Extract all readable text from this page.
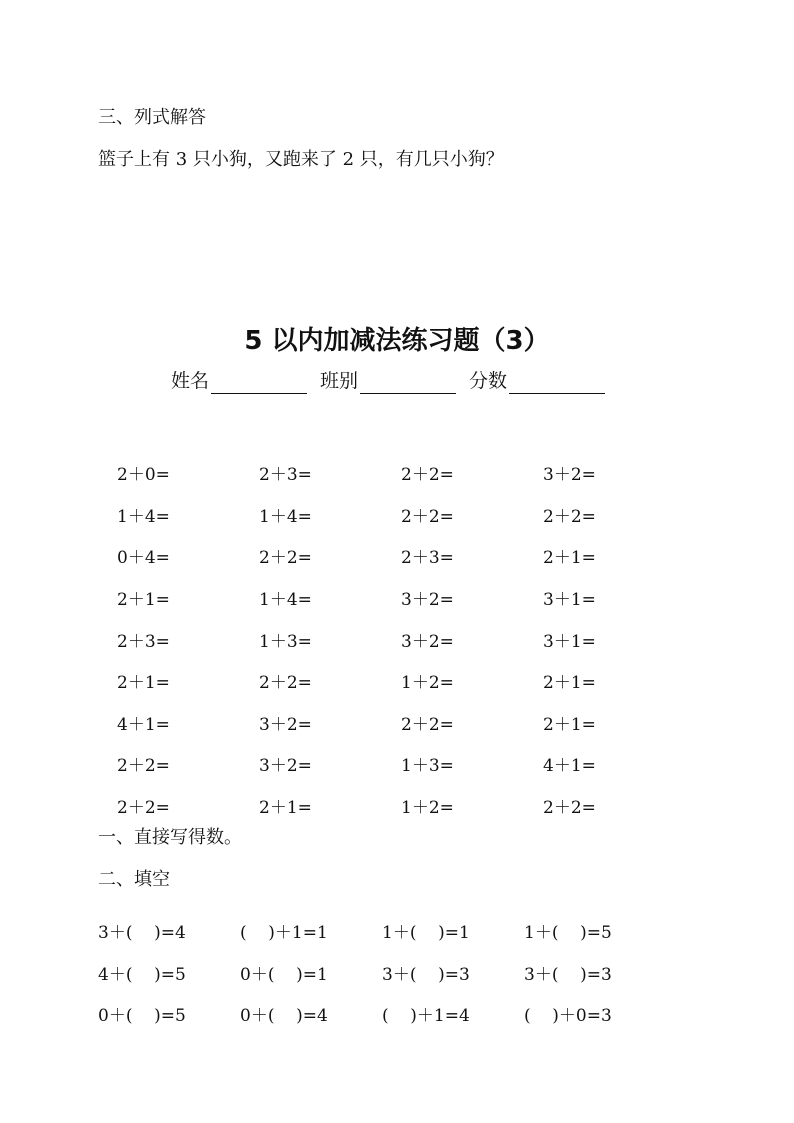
三、列式解答
篮子上有 3 只小狗，又跑来了 2 只，有几只小狗？
5 以内加减法练习题（3）
姓名	班别	分数
2＋0=	2＋3=	2＋2=	3＋2=
1＋4=	1＋4=	2＋2=	2＋2=
0＋4=	2＋2=	2＋3=	2＋1=
2＋1=	1＋4=	3＋2=	3＋1=
2＋3=	1＋3=	3＋2=	3＋1=
2＋1=	2＋2=	1＋2=	2＋1=
4＋1=	3＋2=	2＋2=	2＋1=
2＋2=	3＋2=	1＋3=	4＋1=
2＋2=	2＋1=	1＋2=	2＋2=
一、直接写得数。
二、填空
3＋(    )=4	(    )＋1=1	1＋(    )=1	1＋(    )=5
4＋(    )=5	0＋(    )=1	3＋(    )=3	3＋(    )=3
0＋(    )=5	0＋(    )=4	(    )＋1=4	(    )＋0=3
